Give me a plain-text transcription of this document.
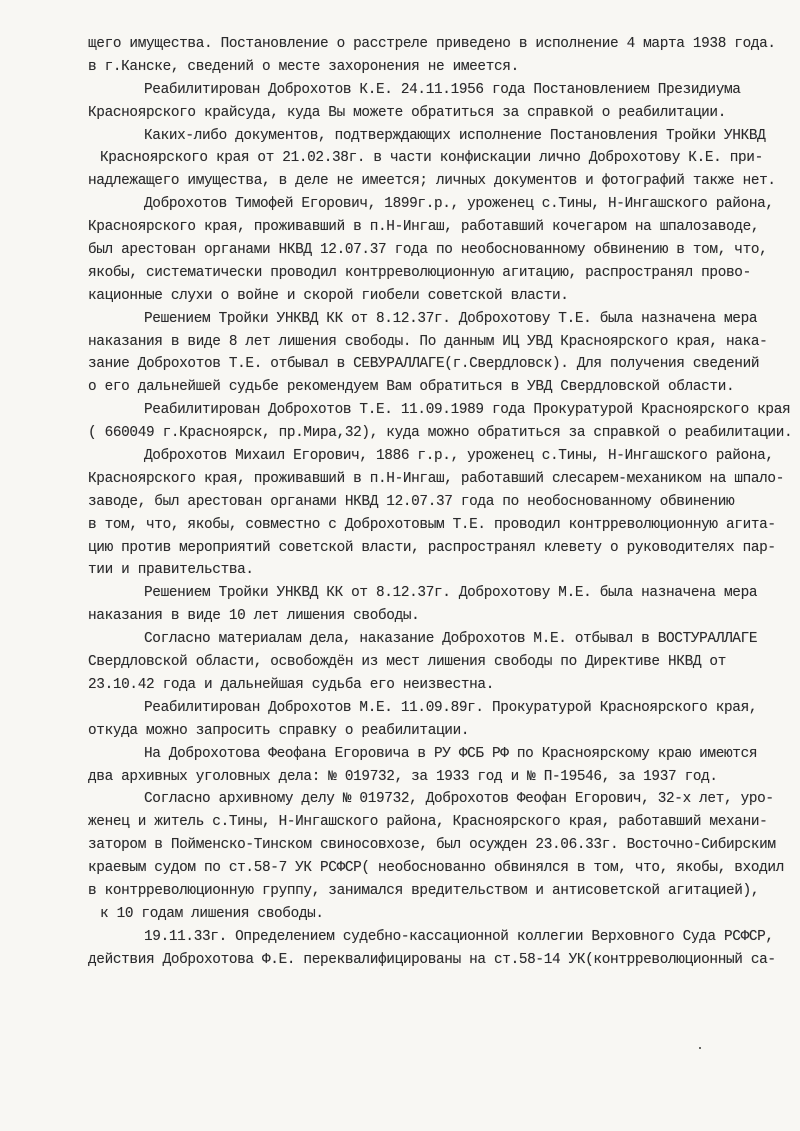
щего имущества. Постановление о расстреле приведено в исполнение 4 марта 1938 года.
в г.Канске, сведений о месте захоронения не имеется.
Реабилитирован Доброхотов К.Е. 24.11.1956 года Постановлением Президиума
Красноярского крайсуда, куда Вы можете обратиться за справкой о реабилитации.
Каких-либо документов, подтверждающих исполнение Постановления Тройки УНКВД
Красноярского края от 21.02.38г. в части конфискации лично Доброхотову К.Е. при-
надлежащего имущества, в деле не имеется; личных документов и фотографий также нет.
Доброхотов Тимофей Егорович, 1899г.р., уроженец с.Тины, Н-Ингашского района,
Красноярского края, проживавший в п.Н-Ингаш, работавший кочегаром на шпалозаводе,
был арестован органами НКВД 12.07.37 года по необоснованному обвинению в том, что,
якобы, систематически проводил контрреволюционную агитацию, распространял прово-
кационные слухи о войне и скорой гиобели советской власти.
Решением Тройки УНКВД КК от 8.12.37г. Доброхотову Т.Е. была назначена мера
наказания в виде 8 лет лишения свободы. По данным ИЦ УВД Красноярского края, нака-
зание Доброхотов Т.Е. отбывал в СЕВУРАЛЛАГЕ(г.Свердловск). Для получения сведений
о его дальнейшей судьбе рекомендуем Вам обратиться в УВД Свердловской области.
Реабилитирован Доброхотов Т.Е. 11.09.1989 года Прокуратурой Красноярского края
( 660049 г.Красноярск, пр.Мира,32), куда можно обратиться за справкой о реабилитации.
Доброхотов Михаил Егорович, 1886 г.р., уроженец с.Тины, Н-Ингашского района,
Красноярского края, проживавший в п.Н-Ингаш, работавший слесарем-механиком на шпало-
заводе, был арестован органами НКВД 12.07.37 года по необоснованному обвинению
в том, что, якобы, совместно с Доброхотовым Т.Е. проводил контрреволюционную агита-
цию против мероприятий советской власти, распространял клевету о руководителях пар-
тии и правительства.
Решением Тройки УНКВД КК от 8.12.37г. Доброхотову М.Е. была назначена мера
наказания в виде 10 лет лишения свободы.
Согласно материалам дела, наказание Доброхотов М.Е. отбывал в ВОСТУРАЛЛАГЕ
Свердловской области, освобождён из мест лишения свободы по Директиве НКВД от
23.10.42 года и дальнейшая судьба его неизвестна.
Реабилитирован Доброхотов М.Е. 11.09.89г. Прокуратурой Красноярского края,
откуда можно запросить справку о реабилитации.
На Доброхотова Феофана Егоровича в РУ ФСБ РФ по Красноярскому краю имеются
два архивных уголовных дела: № 019732, за 1933 год и № П-19546, за 1937 год.
Согласно архивному делу № 019732, Доброхотов Феофан Егорович, 32-х лет, уро-
женец и житель с.Тины, Н-Ингашского района, Красноярского края, работавший механи-
затором в Пойменско-Тинском свиносовхозе, был осужден 23.06.33г. Восточно-Сибирским
краевым судом по ст.58-7 УК РСФСР( необоснованно обвинялся в том, что, якобы, входил
в контрреволюционную группу, занимался вредительством и антисоветской агитацией),
к 10 годам лишения свободы.
19.11.33г. Определением судебно-кассационной коллегии Верховного Суда РСФСР,
действия Доброхотова Ф.Е. переквалифицированы на ст.58-14 УК(контрреволюционный са-
